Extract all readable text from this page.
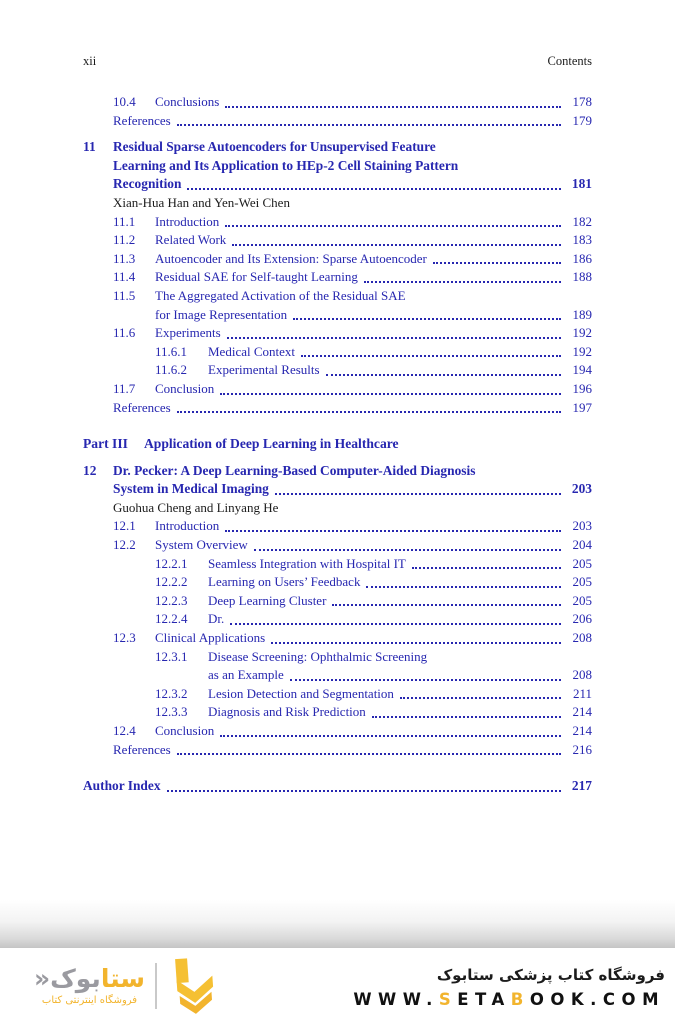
xii	Contents
10.4	Conclusions	178
References	179
11	Residual Sparse Autoencoders for Unsupervised Feature
Learning and Its Application to HEp-2 Cell Staining Pattern
Recognition	181
Xian-Hua Han and Yen-Wei Chen
11.1	Introduction	182
11.2	Related Work	183
11.3	Autoencoder and Its Extension: Sparse Autoencoder	186
11.4	Residual SAE for Self-taught Learning	188
11.5	The Aggregated Activation of the Residual SAE
for Image Representation	189
11.6	Experiments	192
11.6.1	Medical Context	192
11.6.2	Experimental Results	194
11.7	Conclusion	196
References	197
Part III Application of Deep Learning in Healthcare
12	Dr. Pecker: A Deep Learning-Based Computer-Aided Diagnosis
System in Medical Imaging	203
Guohua Cheng and Linyang He
12.1	Introduction	203
12.2	System Overview	204
12.2.1	Seamless Integration with Hospital IT	205
12.2.2	Learning on Users’ Feedback	205
12.2.3	Deep Learning Cluster	205
12.2.4	Dr.	206
12.3	Clinical Applications	208
12.3.1	Disease Screening: Ophthalmic Screening
as an Example	208
12.3.2	Lesion Detection and Segmentation	211
12.3.3	Diagnosis and Risk Prediction	214
12.4	Conclusion	214
References	216
Author Index	217
ستابوک«
فروشگاه اینترنتی کتاب
فروشگاه کتاب پزشکی ستابوک
WWW.SETABOOK.COM
